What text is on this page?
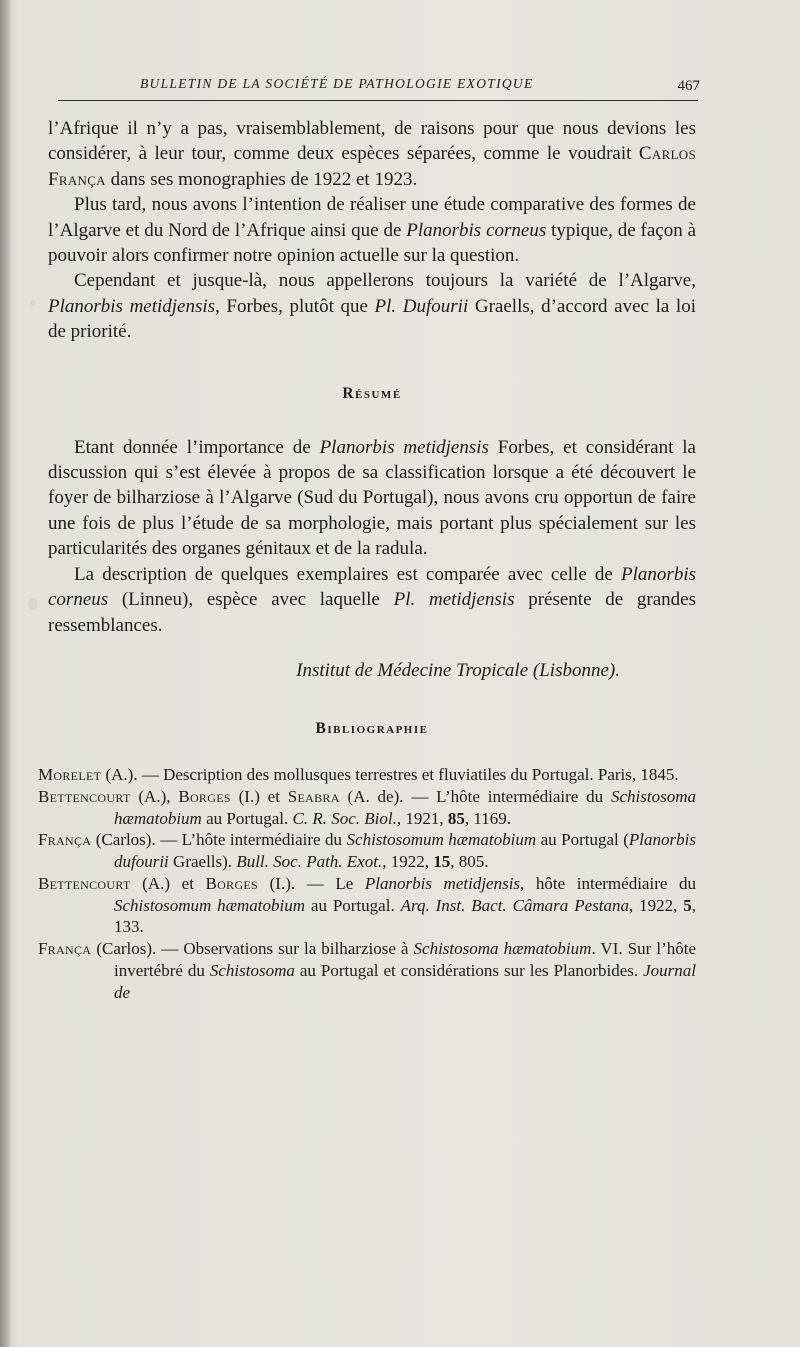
BULLETIN DE LA SOCIÉTÉ DE PATHOLOGIE EXOTIQUE	467

l’Afrique il n’y a pas, vraisemblablement, de raisons pour que nous devions les considérer, à leur tour, comme deux espèces séparées, comme le voudrait Carlos França dans ses monographies de 1922 et 1923.

Plus tard, nous avons l’intention de réaliser une étude comparative des formes de l’Algarve et du Nord de l’Afrique ainsi que de Planorbis corneus typique, de façon à pouvoir alors confirmer notre opinion actuelle sur la question.

Cependant et jusque-là, nous appellerons toujours la variété de l’Algarve, Planorbis metidjensis, Forbes, plutôt que Pl. Dufourii Graells, d’accord avec la loi de priorité.

Résumé

Etant donnée l’importance de Planorbis metidjensis Forbes, et considérant la discussion qui s’est élevée à propos de sa classification lorsque a été découvert le foyer de bilharziose à l’Algarve (Sud du Portugal), nous avons cru opportun de faire une fois de plus l’étude de sa morphologie, mais portant plus spécialement sur les particularités des organes génitaux et de la radula.

La description de quelques exemplaires est comparée avec celle de Planorbis corneus (Linneu), espèce avec laquelle Pl. metidjensis présente de grandes ressemblances.

Institut de Médecine Tropicale (Lisbonne).

Bibliographie
Morelet (A.). — Description des mollusques terrestres et fluviatiles du Portugal. Paris, 1845.
Bettencourt (A.), Borges (I.) et Seabra (A. de). — L’hôte intermédiaire du Schistosoma hæmatobium au Portugal. C. R. Soc. Biol., 1921, 85, 1169.
França (Carlos). — L’hôte intermédiaire du Schistosomum hæmatobium au Portugal (Planorbis dufourii Graells). Bull. Soc. Path. Exot., 1922, 15, 805.
Bettencourt (A.) et Borges (I.). — Le Planorbis metidjensis, hôte intermédiaire du Schistosomum hæmatobium au Portugal. Arq. Inst. Bact. Câmara Pestana, 1922, 5, 133.
França (Carlos). — Observations sur la bilharziose à Schistosoma hæmatobium. VI. Sur l’hôte invertébré du Schistosoma au Portugal et considérations sur les Planorbides. Journal de
